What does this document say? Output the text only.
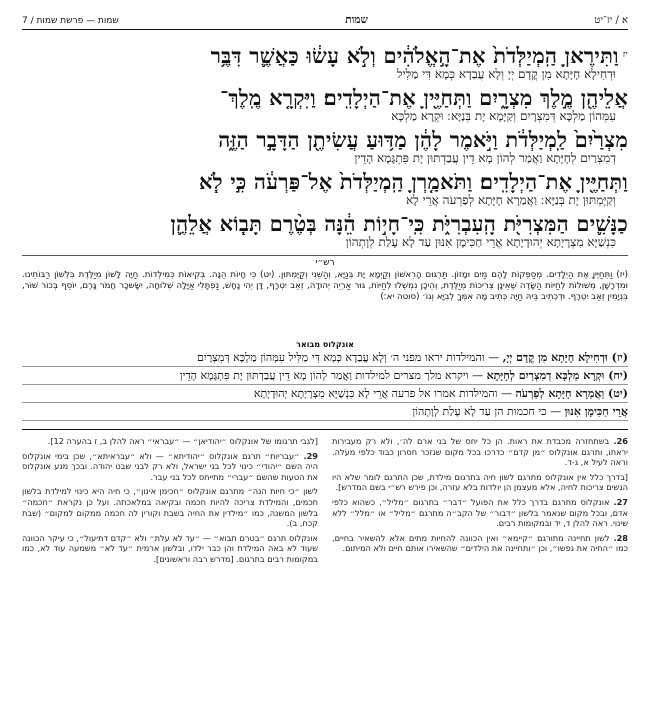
א / יז־יט
שמות
שמות — פרשת שמות / 7
$^{יז}$וַתִּירֶאןָ הַֽמְיַלְּדֹת֙ אֶת־הָ֣אֱלֹהִ֔ים וְלֹ֣א עָשׂ֔וּ כַּאֲשֶׁ֛ר דִּבֶּ֥ר
וּדְחִילָא חָיָּתָא מִן קֳדָם יְיָ וְלָא עֲבַדָא כְּמָא דִּי מַלִּיל
אֲלֵיהֶ֖ן מֶ֣לֶךְ מִצְרָ֑יִם וַתְּחַיֶּ֖יןָ אֶת־הַיְלָדִֽים׃ וַיִּקְרָ֤א מֶֽלֶךְ־
עִמְּהוֹן מַלְכָּא דְּמִצְרָיִם וְקַיָּמָא יָת בְּנַיָּא ׃ וּקְרָא מַלְכָּא
מִצְרַ֙יִם֙ לַֽמְיַלְּדֹ֔ת וַיֹּ֣אמֶר לָהֶ֔ן מַדּ֥וּעַ עֲשִׂיתֶ֖ן הַדָּבָ֣ר הַזֶּ֑ה
דְמִצְרַיִם לְחָיָּתָא וַאֲמַר לְהוֹן מָא דֵין עֲבַדְתּוּן יָת פִּתְגָּמָא הָדֵין
וַתְּחַיֶּ֖יןָ אֶת־הַיְלָדִֽים׃ וַתֹּאמַ֤רְןָ הַֽמְיַלְּדֹת֙ אֶל־פַּרְעֹ֔ה כִּ֣י לֹ֧א
וְקַיֶּמְתּוּן יָת בְּנַיָּא ׃ וַאֲמַרָא חָיָּתָא לְפַרְעֹה אֲרֵי לָא
כַנָּשִׁ֛ים הַמִּצְרִיֹּ֖ת הָֽעִבְרִיֹּ֑ת כִּֽי־חָי֣וֹת הֵ֔נָּה בְּטֶ֨רֶם תָּב֧וֹא אֲלֵהֶ֛ן
כִּנְשַׁיָּא מִצְרָיָתָא יְהוּדָיָתָא אֲרֵי חַכִּימָן אִנּוּן עַד לָא עָלַת לְוָתְהוֹן
רש״י
(יז) וַתְּחַיֶּיןָ אֶת הַיְלָדִים. מְסַפְּקוֹת לָהֶם מַיִם וּמָזוֹן. תַּרְגּוּם הָרִאשׁוֹן וְקַיְּמָא יָת בְּנַיָּא, וְהַשֵּׁנִי וְקַיֶּמְתּוּן. (יט) כִּי חָיוֹת הֵנָּה. בְּקִיאוֹת כְּמִילְּדוֹת. חַיָּה לָשׁוֹן מְיַלֶּדֶת בִּלְשׁוֹן רַבּוֹתֵינוּ. וּמִדְרָשָׁן, מְשׁוּלוֹת לְחַיּוֹת הַשָּׂדֶה שֶׁאֵינָן צְרִיכוֹת מְיַלֶּדֶת, וְהֵיכָן נִמְשְׁלוּ לְחַיּוֹת, גּוּר אַרְיֵה יְהוּדָה, זְאֵב יִטְרָף, דָּן יְהִי נָחָשׁ, נַפְתָּלִי אַיָּלָה שְׁלוּחָה, יִשָּׂשכָר חֲמֹר גָּרֶם, יוֹסֵף בְּכוֹר שׁוֹר, בִּנְיָמִין זְאֵב יִטְרָף. וּדְכְתִיב בֵּיהּ חַיָּה כְּתִיב מָה אִמְּךָ לְבִיָּא וְגוֹ׳ (סוטה יא:)
אונקלוס מבואר
(יז) וּדְחִילָא חָיָּתָא מִן קֳדָם יְיָ, — והמילדות יראו מפני ה׳ וְלָא עֲבַדָא כְּמָא דִּי מַלִּיל עִמְּהוֹן מַלְכָּא דְּמִצְרָיִם
(יח) וּקְרָא מַלְכָּא דְמִצְרַיִם לְחָיָּתָא — ויקרא מלך מצרים למילדות וַאֲמַר לְהוֹן מָא דֵין עֲבַדְתּוּן יָת פִּתְגָּמָא הָדֵין
(יט) וַאֲמַרָא חָיָּתָא לְפַרְעֹה — והמילדות אמרו אל פרעה אֲרֵי לָא כִּנְשַׁיָּא מִצְרָיָתָא יְהוּדָיָתָא
אֲרֵי חַכִּימָן אִנּוּן — כי חכמות הן עַד לָא עָלַת לְוָתְהוֹן

26. בשתחזרה מכבדת את ראות. הן כל יחס של בני ארם לה׳, ולא רק מעבירות יראתו, ותרגם אונקלוס ״מן קדם״ כדרכו בכל מקום שנזכר חסרון כבוד כלפי מעלה. וראה לעיל א, ג-ד.

[בדרך כלל אין אונקלוס מתרגם לשון חיה בתרגום מילדת, שכן התרגם לומר שלא היו הנשים צריכות לחיה, אלא מעצמן הן יולדות בלא עזרה, וכן פירש רש״י בשם המדרש].

27. אונקלוס מתרגם בדרך כלל את הפועל ״דבר״ בתרגום ״מליל״, כשהוא כלפי אדם, ובכל מקום שנאמר בלשון ״דבור״ של הקב״ה מתרגם ״מליל״ או ״מלל״ ללא שינוי. ראה להלן ד, יד ובמקומות רבים.

28. לשון תחיינה מתורגם ״קיימא״ ואין הכוונה להחיות מתים אלא להשאיר בחיים, כמו ״החיה את נפשו״, וכן ״ותחיינה את הילדים״ שהשאירו אותם חיים ולא המיתום.

[לגבי תרגומו של אונקלוס ״יהודיאן״ — ״עבראי״ ראה להלן ב, ז בהערה 12].

29. ״עבריות״ תרגם אונקלוס ״יהודיתא״ — ולא ״עבראיתא״, שכן בימי אונקלוס היה השם ״יהודי״ כינוי לכל בני ישראל, ולא רק לבני שבט יהודה. ובכך מנע אונקלוס את הטעות שהשם ״עברי״ מתייחס לכל בני עבר.

לשון ״כי חיות הנה״ מתרגם אונקלוס ״חכימן אינון״, כי חיה היא כינוי למילדת בלשון חכמים, והמילדת צריכה להיות חכמה ובקיאה במלאכתה. ועל כן נקראת ״חכמה״ בלשון המשנה, כמו ״מילדין את החיה בשבת וקורין לה חכמה ממקום למקום״ (שבת קכח, ב).

אונקלוס תרגם ״בטרם תבוא״ — ״עד לא עלת״ ולא ״קדם דתיעול״, כי עיקר הכוונה שעוד לא באה המילדת והן כבר ילדו, ובלשון ארמית ״עד לא״ משמעה עוד לא, כמו במקומות רבים בתרגום. [מדרש רבה וראשונים].
